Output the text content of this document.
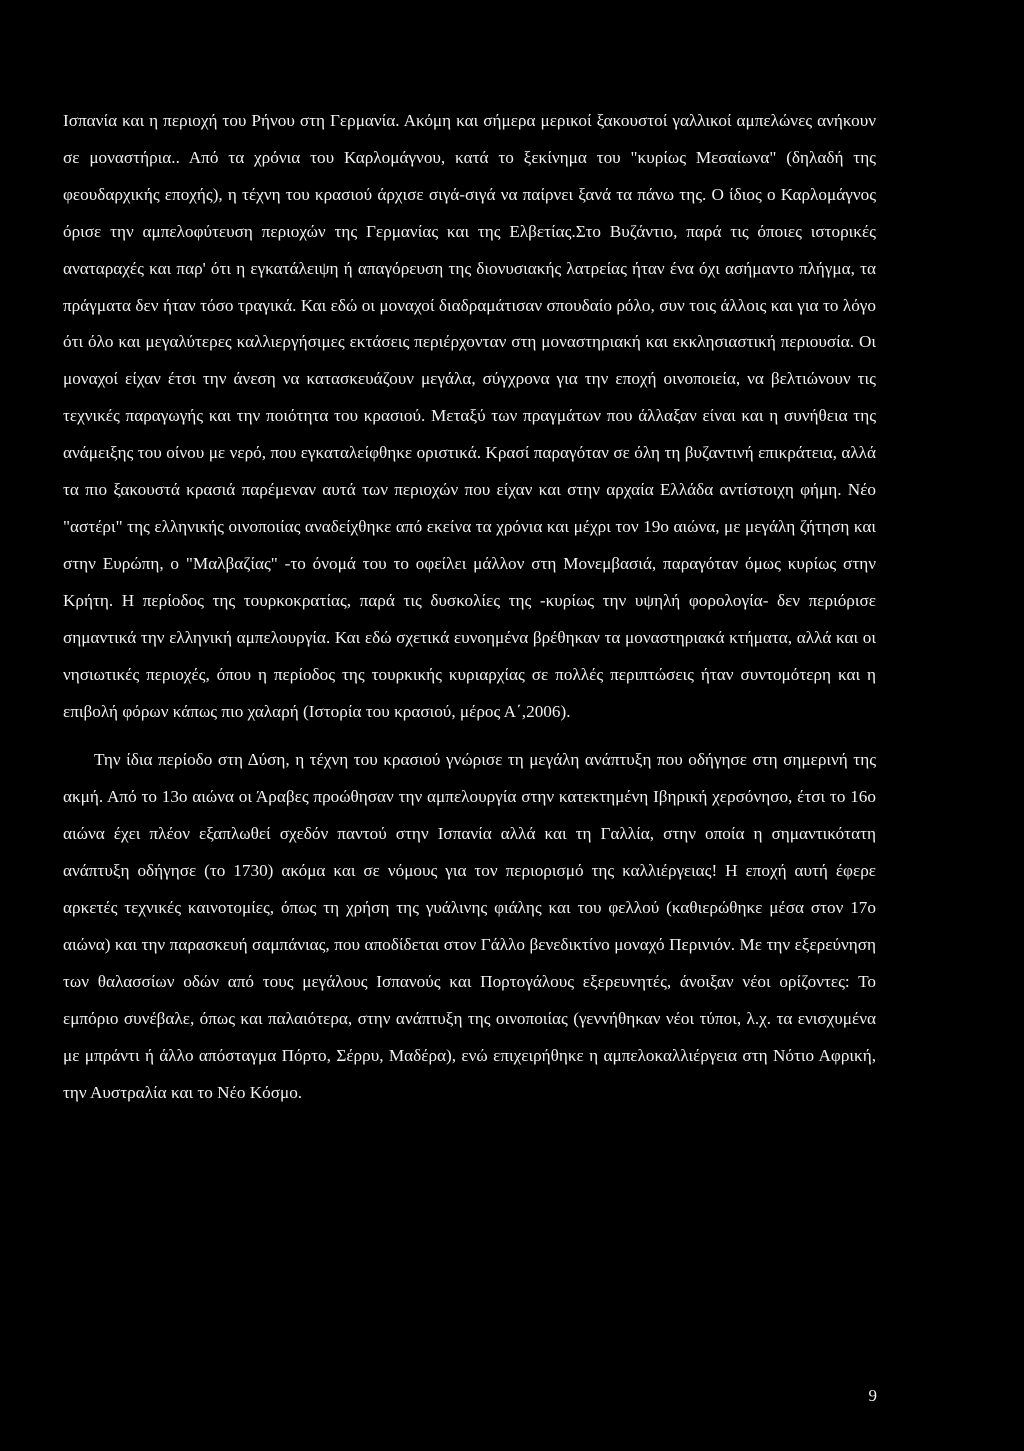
Ισπανία και η περιοχή του Ρήνου στη Γερμανία. Ακόμη και σήμερα μερικοί ξακουστοί γαλλικοί αμπελώνες ανήκουν σε μοναστήρια.. Από τα χρόνια του Καρλομάγνου, κατά το ξεκίνημα του "κυρίως Μεσαίωνα" (δηλαδή της φεουδαρχικής εποχής), η τέχνη του κρασιού άρχισε σιγά-σιγά να παίρνει ξανά τα πάνω της. Ο ίδιος ο Καρλομάγνος όρισε την αμπελοφύτευση περιοχών της Γερμανίας και της Ελβετίας.Στο Βυζάντιο, παρά τις όποιες ιστορικές αναταραχές και παρ' ότι η εγκατάλειψη ή απαγόρευση της διονυσιακής λατρείας ήταν ένα όχι ασήμαντο πλήγμα, τα πράγματα δεν ήταν τόσο τραγικά. Και εδώ οι μοναχοί διαδραμάτισαν σπουδαίο ρόλο, συν τοις άλλοις και για το λόγο ότι όλο και μεγαλύτερες καλλιεργήσιμες εκτάσεις περιέρχονταν στη μοναστηριακή και εκκλησιαστική περιουσία. Οι μοναχοί είχαν έτσι την άνεση να κατασκευάζουν μεγάλα, σύγχρονα για την εποχή οινοποιεία, να βελτιώνουν τις τεχνικές παραγωγής και την ποιότητα του κρασιού. Μεταξύ των πραγμάτων που άλλαξαν είναι και η συνήθεια της ανάμειξης του οίνου με νερό, που εγκαταλείφθηκε οριστικά. Κρασί παραγόταν σε όλη τη βυζαντινή επικράτεια, αλλά τα πιο ξακουστά κρασιά παρέμεναν αυτά των περιοχών που είχαν και στην αρχαία Ελλάδα αντίστοιχη φήμη. Νέο "αστέρι" της ελληνικής οινοποιίας αναδείχθηκε από εκείνα τα χρόνια και μέχρι τον 19ο αιώνα, με μεγάλη ζήτηση και στην Ευρώπη, ο "Μαλβαζίας" -το όνομά του το οφείλει μάλλον στη Μονεμβασιά, παραγόταν όμως κυρίως στην Κρήτη. Η περίοδος της τουρκοκρατίας, παρά τις δυσκολίες της -κυρίως την υψηλή φορολογία- δεν περιόρισε σημαντικά την ελληνική αμπελουργία. Και εδώ σχετικά ευνοημένα βρέθηκαν τα μοναστηριακά κτήματα, αλλά και οι νησιωτικές περιοχές, όπου η περίοδος της τουρκικής κυριαρχίας σε πολλές περιπτώσεις ήταν συντομότερη και η επιβολή φόρων κάπως πιο χαλαρή (Ιστορία του κρασιού, μέρος Α΄,2006).

Την ίδια περίοδο στη Δύση, η τέχνη του κρασιού γνώρισε τη μεγάλη ανάπτυξη που οδήγησε στη σημερινή της ακμή. Από το 13ο αιώνα οι Άραβες προώθησαν την αμπελουργία στην κατεκτημένη Ιβηρική χερσόνησο, έτσι το 16ο αιώνα έχει πλέον εξαπλωθεί σχεδόν παντού στην Ισπανία αλλά και τη Γαλλία, στην οποία η σημαντικότατη ανάπτυξη οδήγησε (το 1730) ακόμα και σε νόμους για τον περιορισμό της καλλιέργειας! Η εποχή αυτή έφερε αρκετές τεχνικές καινοτομίες, όπως τη χρήση της γυάλινης φιάλης και του φελλού (καθιερώθηκε μέσα στον 17ο αιώνα) και την παρασκευή σαμπάνιας, που αποδίδεται στον Γάλλο βενεδικτίνο μοναχό Περινιόν. Με την εξερεύνηση των θαλασσίων οδών από τους μεγάλους Ισπανούς και Πορτογάλους εξερευνητές, άνοιξαν νέοι ορίζοντες: Το εμπόριο συνέβαλε, όπως και παλαιότερα, στην ανάπτυξη της οινοποιίας (γεννήθηκαν νέοι τύποι, λ.χ. τα ενισχυμένα με μπράντι ή άλλο απόσταγμα Πόρτο, Σέρρυ, Μαδέρα), ενώ επιχειρήθηκε η αμπελοκαλλιέργεια στη Νότιο Αφρική, την Αυστραλία και το Νέο Κόσμο.

9
